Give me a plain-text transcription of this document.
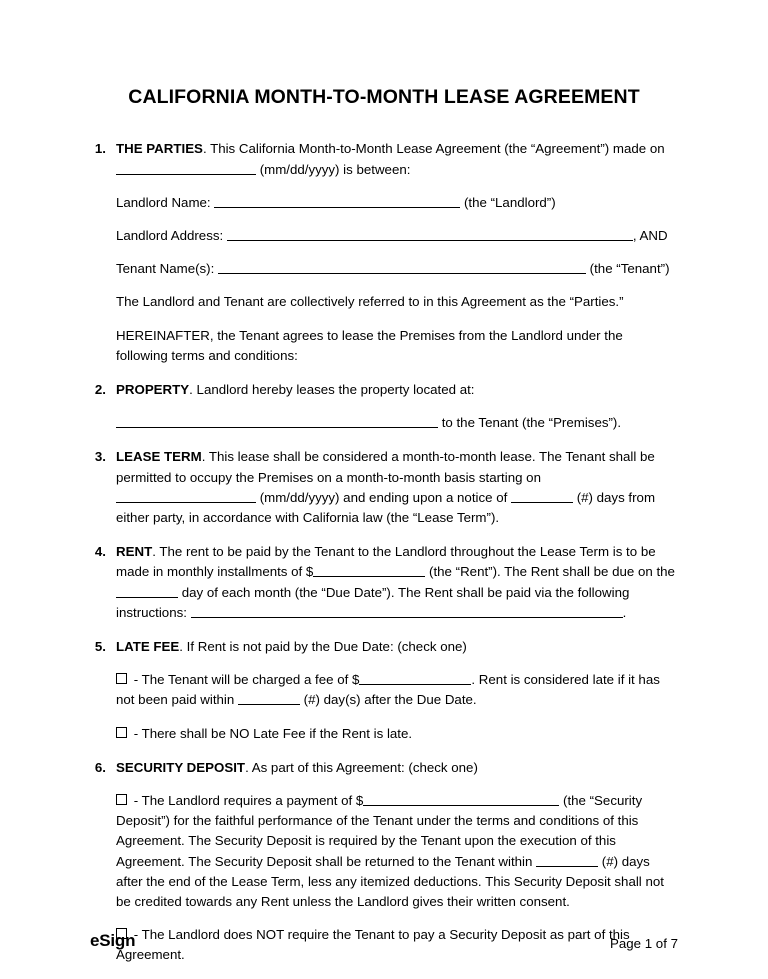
CALIFORNIA MONTH-TO-MONTH LEASE AGREEMENT
1. THE PARTIES. This California Month-to-Month Lease Agreement (the “Agreement”) made on  (mm/dd/yyyy) is between:

Landlord Name:	(the “Landlord”)

Landlord Address:	, AND

Tenant Name(s):	(the “Tenant”)

The Landlord and Tenant are collectively referred to in this Agreement as the “Parties.”

HEREINAFTER, the Tenant agrees to lease the Premises from the Landlord under the following terms and conditions:

2. PROPERTY. Landlord hereby leases the property located at:

to the Tenant (the “Premises”).

3. LEASE TERM. This lease shall be considered a month-to-month lease. The Tenant shall be permitted to occupy the Premises on a month-to-month basis starting on  (mm/dd/yyyy) and ending upon a notice of	(#) days from either party, in accordance with California law (the “Lease Term”).

4. RENT. The rent to be paid by the Tenant to the Landlord throughout the Lease Term is to be made in monthly installments of $	(the “Rent”). The Rent shall be due on the  day of each month (the “Due Date”). The Rent shall be paid via the following instructions:	.

5. LATE FEE. If Rent is not paid by the Due Date: (check one)

- The Tenant will be charged a fee of $	. Rent is considered late if it has not been paid within	(#) day(s) after the Due Date.

- There shall be NO Late Fee if the Rent is late.

6. SECURITY DEPOSIT. As part of this Agreement: (check one)

- The Landlord requires a payment of $	(the “Security Deposit”) for the faithful performance of the Tenant under the terms and conditions of this Agreement. The Security Deposit is required by the Tenant upon the execution of this Agreement. The Security Deposit shall be returned to the Tenant within	(#) days after the end of the Lease Term, less any itemized deductions. This Security Deposit shall not be credited towards any Rent unless the Landlord gives their written consent.

- The Landlord does NOT require the Tenant to pay a Security Deposit as part of this Agreement.

eSign	Page 1 of 7
